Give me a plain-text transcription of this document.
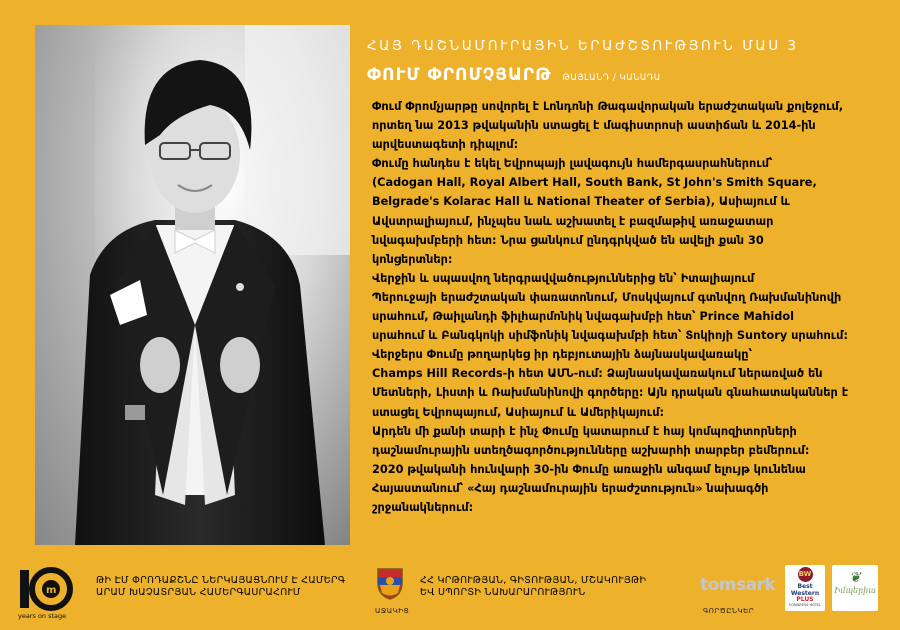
ՀԱՅ ԴԱՇՆԱՄՈՒՐԱՅԻՆ ԵՐԱԺՇՏՈՒԹՅՈՒՆ ՄԱՍ 3
ՓՈՒՄ ՓՐՈՄՉՅԱՐԹ ԹԱՅԼԱՆԴ / ԿԱՆԱԴԱ

Փում Փրոմչյարթը սովորել է Լոնդոնի Թագավորական երաժշտական քոլեջում,

որտեղ նա 2013 թվականին ստացել է մագիստրոսի աստիճան և 2014-ին

արվեստագետի դիպլոմ:

Փումը հանդես է եկել Եվրոպայի լավագույն համերգասրահներում՝

(Cadogan Hall, Royal Albert Hall, South Bank, St John's Smith Square,

Belgrade's Kolarac Hall և National Theater of Serbia), Ասիայում և

Ավստրալիայում, ինչպես նաև աշխատել է բազմաթիվ առաջատար

նվագախմբերի հետ: Նրա ցանկում ընդգրկված են ավելի քան 30

կոնցերտներ:

Վերջին և սպասվող ներգրավվածություններից են՝ Իտալիայում

Պերուջայի երաժշտական փառատոնում, Մոսկվայում գտնվող Ռախմանինովի

սրահում, Թաիլանդի ֆիլհարմոնիկ նվագախմբի հետ՝ Prince Mahidol

սրահում և Բանգկոկի սիմֆոնիկ նվագախմբի հետ՝ Տոկիոյի Suntory սրահում:

Վերջերս Փումը թողարկեց իր դեբյուտային ձայնասկավառակը՝

Champs Hill Records-ի հետ ԱՄՆ-ում: Ձայնասկավառակում ներառված են

Մետների, Լիստի և Ռախմանինովի գործերը: Այն դրական գնահատականներ է

ստացել Եվրոպայում, Ասիայում և Ամերիկայում:

Արդեն մի քանի տարի է ինչ Փումը կատարում է հայ կոմպոզիտորների

դաշնամուրային ստեղծագործությունները աշխարհի տարբեր բեմերում:

2020 թվականի հունվարի 30-ին Փումը առաջին անգամ ելույթ կունենա

Հայաստանում՝ «Հայ դաշնամուրային երաժշտություն» նախագծի

շրջանակներում:

m
years on stage
ԹԻ ԷՄ ՓՐՈԴԱՔՇՆԸ ՆԵՐԿԱՅԱՑՆՈՒՄ Է ՀԱՄԵՐԳ
ԱՐԱՄ ԽԱՉԱՏՐՅԱՆ ՀԱՄԵՐԳԱՍՐԱՀՈՒՄ
ՀՀ ԿՐԹՈՒԹՅԱՆ, ԳԻՏՈՒԹՅԱՆ, ՄՇԱԿՈՒՅԹԻ
ԵՎ ՍՊՈՐՏԻ ՆԱԽԱՐԱՐՈՒԹՅՈՒՆ
ԱՋԱԿԻՑ
tomsark
ԳՈՐԾԸՆԿԵՐ
BW
Best
Western
PLUS
CONGRESS HOTEL
❦
Իմպերիա
